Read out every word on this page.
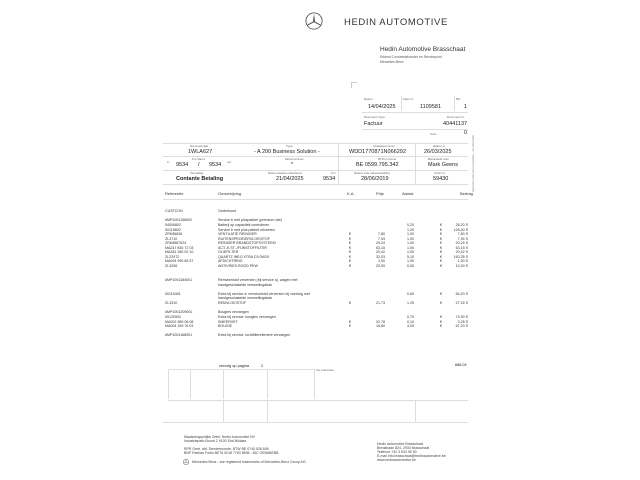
HEDIN AUTOMOTIVE
Hedin Automotive Brasschaat
Erkend Concessiehouder en Servicepunt
Mercedes-Benz
Datum
14/04/2025
Klant nr.
1109581
Blz.
1
Document Type
Factuur
Document nr.
40441137
Cars	0
Nummerplaat
1WLA627
Type
- A 200 Business Solution -
Chassisnummer
WDD1770871N066292
Datum in
26/03/2025
in
Km stand
9534 / 9534 out
Motornummer
*
BTW nummer
BE 0599.795.342
Behandeld door
Mark Geens
Vervaldag
Contante Betaling
Datum laatste onderhoud
21/04/2025
Km
9534
Datum 1ste indienststelling
28/06/2019
Order nr.
59430	Algemene Verkoopsvoorwaarden - zie achterzijde
Referentie	Omschrijving	K.A.	Prijs	Aantal	Bedrag
CUSTCON	Onderhoud
#MP1001158002	Service b met pluspakket (premium olie)
54006802	Batterij op capaciteit controleren	0,20	€	26,20 S
00115802	Service b met plus pakket uitvoeren	1,20	€	128,40 S
ZRK86836	VENTILATIE REINIGER	€	7,80	1,00	€	7,80 S
ZL3710	RUITENSPROEIERVLOEISTOF	€	7,94	1,00	€	7,94 S
ZRK8587024	REINIGER BRANDSTOFSYSTEEM	€	20,24	1,00	€	20,24 S
MA247 830 72 03	ACT.-K.ST.-/FIJNSTOFFILTER	€	63,15	1,00	€	63,15 S
MA281 180 02 10	OLIEFILTER	€	20,42	1,00	€	20,42 S
ZL22972	QUARTZ INEO XTRA C5 0W20	€	32,03	5,10	€	163,35 S
MA094 990 89 57	AFDICHTRING	€	1,50	1,00	€	1,50 S
ZL3256	ANTIVRIES ROOD PKW	€	20,59	0,50	€	10,30 S
#MP1001184001	Remvloeistof verversen (bij service a), wagen met
handgeschakelde versnellingsbak
00119401	Extra bij service a: remvloeistof verversen bij voertuig met	0,60	€	64,20 S
handgeschakelde versnellingsbak
ZL3310	REMVLOEISTOF	€	21,73	1,25	€	27,16 S
#MP1001209001	Bougies vervangen
00120902	Extra bij service: bougies vervangen	0,70	€	74,90 S
MA002 989 08 08	SMEERVET	€	32,78	0,10	€	3,28 S
MA004 159 76 03	BOUGIE	€	16,80	4,00	€	67,20 S
#MP1001168001	Extra bij service: luchtfilterelement vervangen
vervolg op pagina	2	686,04
Uw referentie
Maatschappelijke Zetel: Hedin Automotive NV
Industriepark-Noord 2 9100 Sint-Niklaas
RPR Gent, afd. Dendermonde, BTW BE 0740.526.506
BNP Paribas Fortis BE76 0018 7763 8595 - BIC GEBABEBB
Mercedes-Benz - are registered trademarks of Mercedes-Benz Group AG.
Hedin Automotive Brasschaat
Bredabaan 824, 2930 Brasschaat
Telefoon +32 3 633 95 50
E-mail info.brasschaat@hedinautomotive.be
www.hedinautomotive.be
